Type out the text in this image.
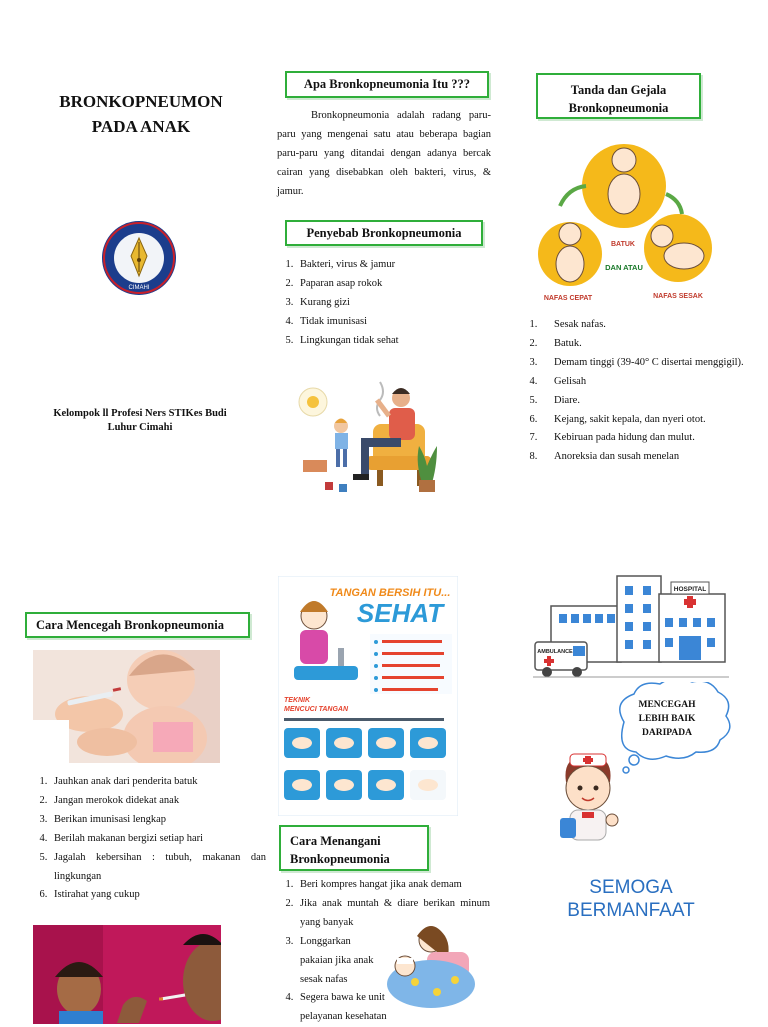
BRONKOPNEUMON
PADA ANAK
CIMAHI
Kelompok ll Profesi Ners STIKes Budi
Luhur Cimahi
Apa Bronkopneumonia Itu ???
Bronkopneumonia adalah radang paru-paru yang mengenai satu atau beberapa bagian paru-paru yang ditandai dengan adanya bercak cairan yang disebabkan oleh bakteri, virus, & jamur.
Penyebab Bronkopneumonia
1. Bakteri, virus & jamur
2. Paparan asap rokok
3. Kurang gizi
4. Tidak imunisasi
5. Lingkungan tidak sehat
Tanda dan Gejala
Bronkopneumonia
BATUK
DAN ATAU
NAFAS CEPAT	NAFAS SESAK
1. Sesak nafas.
2. Batuk.
3. Demam tinggi (39-40° C disertai menggigil).
4. Gelisah
5. Diare.
6. Kejang, sakit kepala, dan nyeri otot.
7. Kebiruan pada hidung dan mulut.
8. Anoreksia dan susah menelan
Cara Mencegah Bronkopneumonia
1. Jauhkan anak dari penderita batuk
2. Jangan merokok didekat anak
3. Berikan imunisasi lengkap
4. Berilah makanan bergizi setiap hari
5. Jagalah kebersihan : tubuh, makanan dan lingkungan
6. Istirahat yang cukup
TANGAN BERSIH ITU...
SEHAT
TEKNIK
MENCUCI TANGAN
Cara Menangani
Bronkopneumonia
1. Beri kompres hangat jika anak demam
2. Jika anak muntah & diare berikan minum yang banyak
3. Longgarkan pakaian jika anak sesak nafas
4. Segera bawa ke unit pelayanan kesehatan
HOSPITAL
AMBULANCE
MENCEGAH
LEBIH BAIK
DARIPADA
SEMOGA
BERMANFAAT
